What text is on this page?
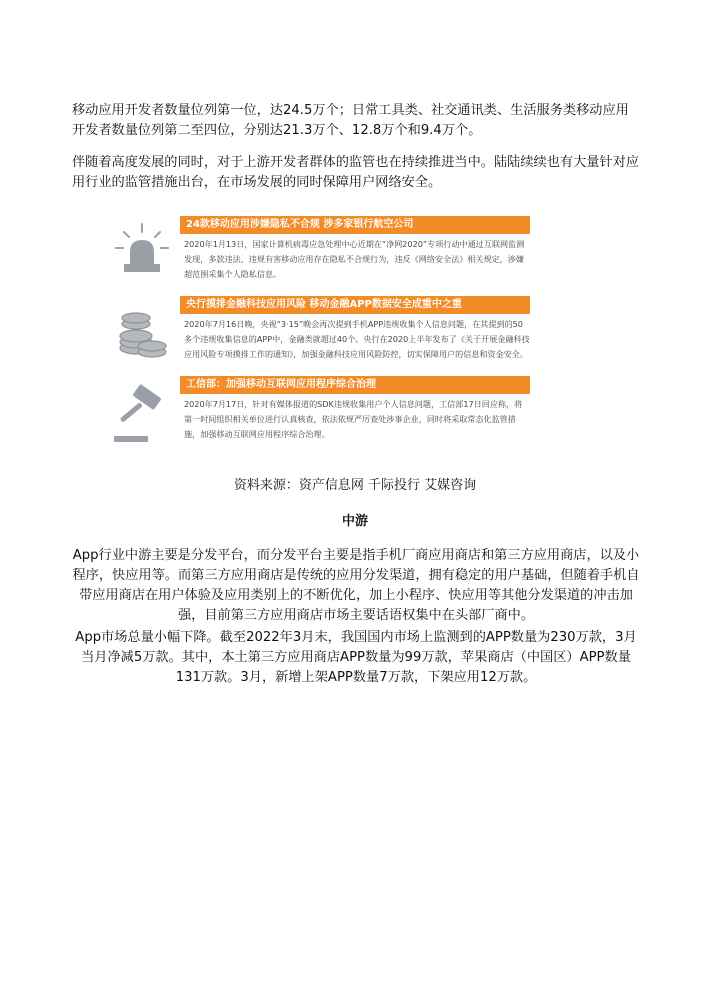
移动应用开发者数量位列第一位，达24.5万个；日常工具类、社交通讯类、生活服务类移动应用开发者数量位列第二至四位，分别达21.3万个、12.8万个和9.4万个。

伴随着高度发展的同时，对于上游开发者群体的监管也在持续推进当中。陆陆续续也有大量针对应用行业的监管措施出台，在市场发展的同时保障用户网络安全。

24款移动应用涉嫌隐私不合规 涉多家银行航空公司
2020年1月13日，国家计算机病毒应急处理中心近期在“净网2020”专项行动中通过互联网监测发现，多款违法、违规有害移动应用存在隐私不合规行为，违反《网络安全法》相关规定，涉嫌超范围采集个人隐私信息。
央行摸排金融科技应用风险 移动金融APP数据安全成重中之重
2020年7月16日晚，央视“3·15”晚会再次提到手机APP违规收集个人信息问题，在其提到的50多个违规收集信息的APP中，金融类就超过40个。央行在2020上半年发布了《关于开展金融科技应用风险专项摸排工作的通知》，加强金融科技应用风险防控，切实保障用户的信息和资金安全。
工信部：加强移动互联网应用程序综合治理
2020年7月17日，针对有媒体报道的SDK违规收集用户个人信息问题，工信部17日回应称，将第一时间组织相关单位进行认真核查，依法依规严厉查处涉事企业，同时将采取常态化监管措施，加强移动互联网应用程序综合治理。
资料来源：资产信息网 千际投行 艾媒咨询
中游

App行业中游主要是分发平台，而分发平台主要是指手机厂商应用商店和第三方应用商店，以及小程序，快应用等。而第三方应用商店是传统的应用分发渠道，拥有稳定的用户基础，但随着手机自带应用商店在用户体验及应用类别上的不断优化，加上小程序、快应用等其他分发渠道的冲击加强，目前第三方应用商店市场主要话语权集中在头部厂商中。

App市场总量小幅下降。截至2022年3月末，我国国内市场上监测到的APP数量为230万款，3月当月净减5万款。其中，本土第三方应用商店APP数量为99万款，苹果商店（中国区）APP数量131万款。3月，新增上架APP数量7万款，下架应用12万款。
